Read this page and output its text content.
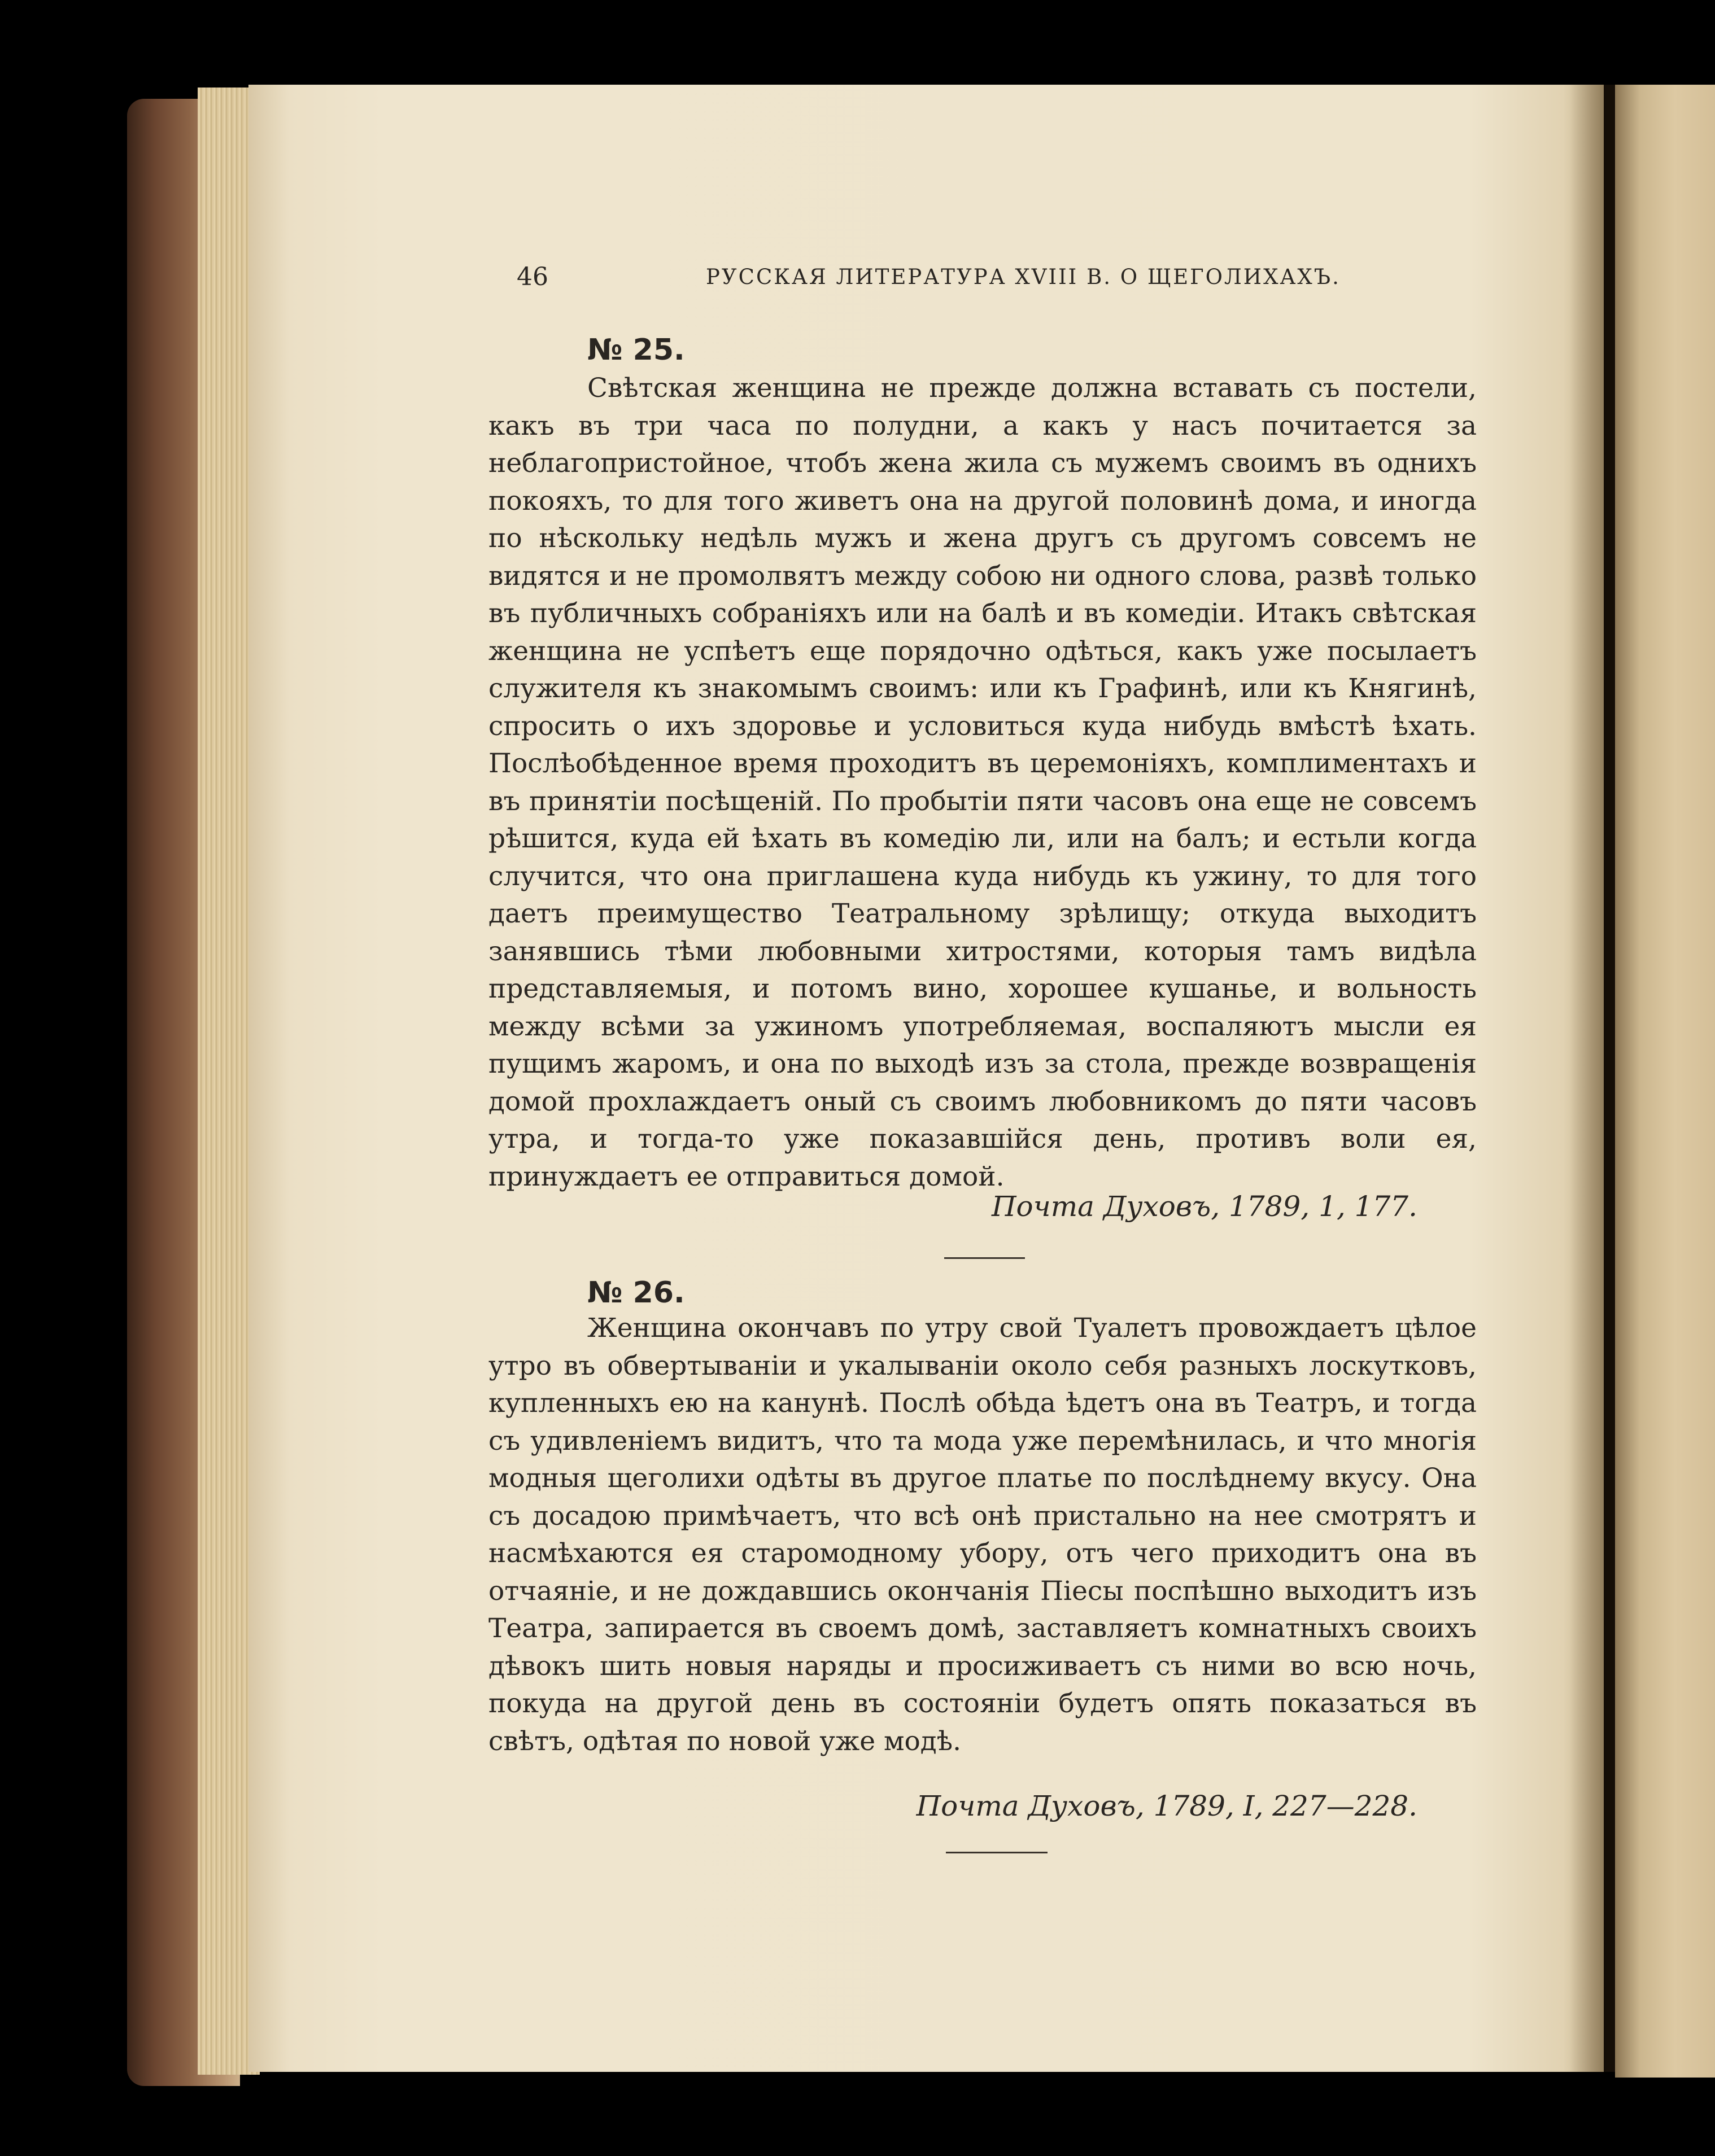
46	РУССКАЯ ЛИТЕРАТУРА XVIII В. О ЩЕГОЛИХАХЪ.
№ 25.

Свѣтская женщина не прежде должна вставать съ постели, какъ въ три часа по полудни, а какъ у насъ почитается за неблагопристойное, чтобъ жена жила съ мужемъ своимъ въ однихъ покояхъ, то для того живетъ она на другой половинѣ дома, и иногда по нѣскольку недѣль мужъ и жена другъ съ другомъ совсемъ не видятся и не промолвятъ между собою ни одного слова, развѣ только въ публичныхъ собраніяхъ или на балѣ и въ комедіи. Итакъ свѣтская женщина не успѣетъ еще порядочно одѣться, какъ уже посылаетъ служителя къ знакомымъ своимъ: или къ Графинѣ, или къ Княгинѣ, спросить о ихъ здоровье и условиться куда нибудь вмѣстѣ ѣхать. Послѣобѣденное время проходитъ въ церемоніяхъ, комплиментахъ и въ принятіи посѣщеній. По пробытіи пяти часовъ она еще не совсемъ рѣшится, куда ей ѣхать въ комедію ли, или на балъ; и естьли когда случится, что она приглашена куда нибудь къ ужину, то для того даетъ преимущество Театральному зрѣлищу; откуда выходитъ занявшись тѣми любовными хитростями, которыя тамъ видѣла представляемыя, и потомъ вино, хорошее кушанье, и вольность между всѣми за ужиномъ употребляемая, воспаляютъ мысли ея пущимъ жаромъ, и она по выходѣ изъ за стола, прежде возвращенія домой прохлаждаетъ оный съ своимъ любовникомъ до пяти часовъ утра, и тогда-то уже показавшійся день, противъ воли ея, принуждаетъ ее отправиться домой.

Почта Духовъ, 1789, 1, 177.
№ 26.

Женщина окончавъ по утру свой Туалетъ провождаетъ цѣлое утро въ обвертываніи и укалываніи около себя разныхъ лоскутковъ, купленныхъ ею на канунѣ. Послѣ обѣда ѣдетъ она въ Театръ, и тогда съ удивленіемъ видитъ, что та мода уже перемѣнилась, и что многія модныя щеголихи одѣты въ другое платье по послѣднему вкусу. Она съ досадою примѣчаетъ, что всѣ онѣ пристально на нее смотрятъ и насмѣхаются ея старомодному убору, отъ чего приходитъ она въ отчаяніе, и не дождавшись окончанія Пiесы поспѣшно выходитъ изъ Театра, запирается въ своемъ домѣ, заставляетъ комнатныхъ своихъ дѣвокъ шить новыя наряды и просиживаетъ съ ними во всю ночь, покуда на другой день въ состояніи будетъ опять показаться въ свѣтъ, одѣтая по новой уже модѣ.

Почта Духовъ, 1789, I, 227—228.
